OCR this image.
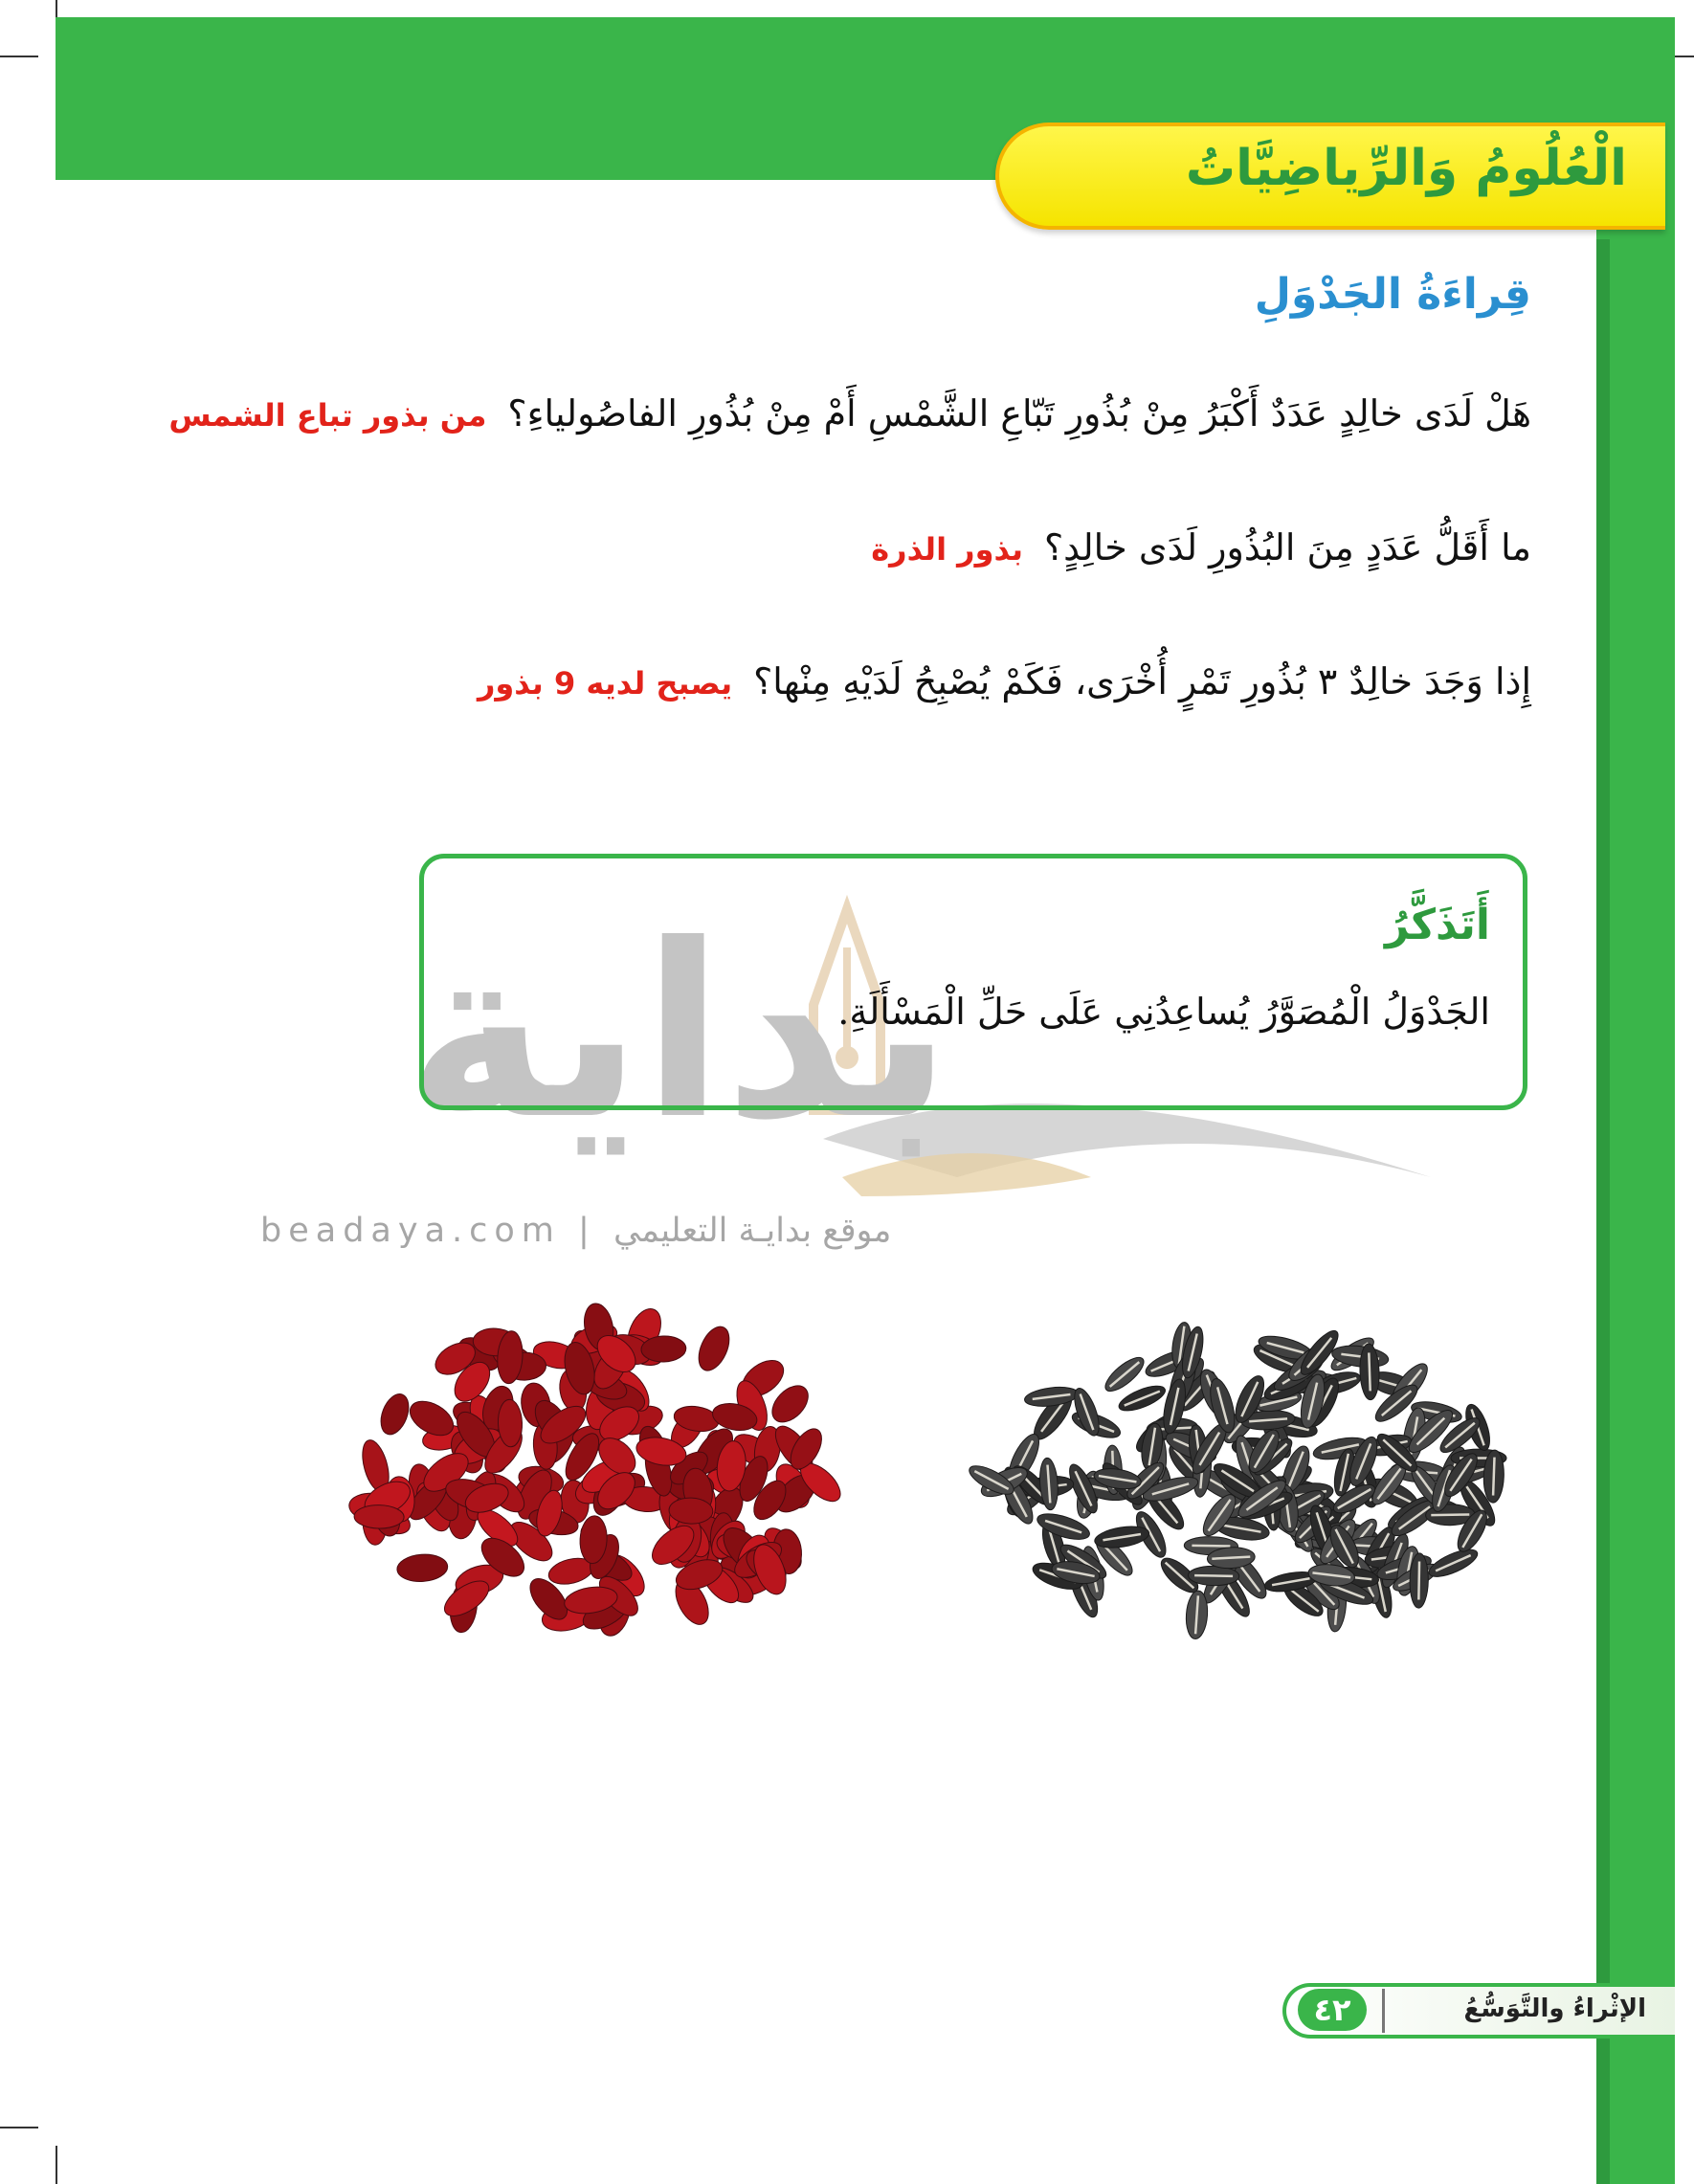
الْعُلُومُ وَالرِّياضِيَّاتُ
قِراءَةُ الجَدْوَلِ
هَلْ لَدَى خالِدٍ عَدَدٌ أَكْبَرُ مِنْ بُذُورِ تَبّاعِ الشَّمْسِ أَمْ مِنْ بُذُورِ الفاصُولياءِ؟من بذور تباع الشمس
ما أَقَلُّ عَدَدٍ مِنَ البُذُورِ لَدَى خالِدٍ؟بذور الذرة
إِذا وَجَدَ خالِدٌ ٣ بُذُورِ تَمْرٍ أُخْرَى، فَكَمْ يُصْبِحُ لَدَيْهِ مِنْها؟يصبح لديه 9 بذور
بداية
beadaya.com | موقع بدايـة التعليمي
أَتَذَكَّرُ
الجَدْوَلُ الْمُصَوَّرُ يُساعِدُنِي عَلَى حَلِّ الْمَسْأَلَةِ.
٤٢	الإثْراءُ والتَّوَسُّعُ
